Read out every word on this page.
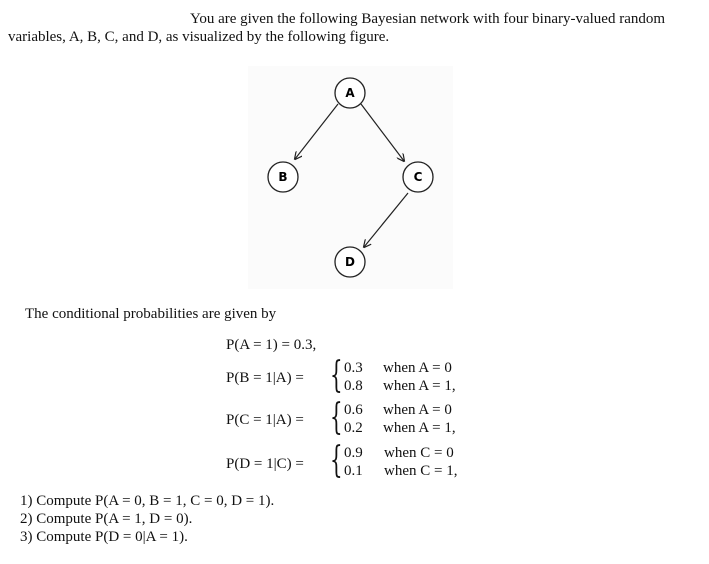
You are given the following Bayesian network with four binary-valued random
variables, A, B, C, and D, as visualized by the following figure.
A
B	C
D
The conditional probabilities are given by
P(A = 1) = 0.3,
P(B = 1|A) = { 0.3 when A = 0
0.8 when A = 1,
P(C = 1|A) = { 0.6 when A = 0
0.2 when A = 1,
P(D = 1|C) = { 0.9 when C = 0
0.1 when C = 1,
1) Compute P(A = 0, B = 1, C = 0, D = 1).
2) Compute P(A = 1, D = 0).
3) Compute P(D = 0|A = 1).
